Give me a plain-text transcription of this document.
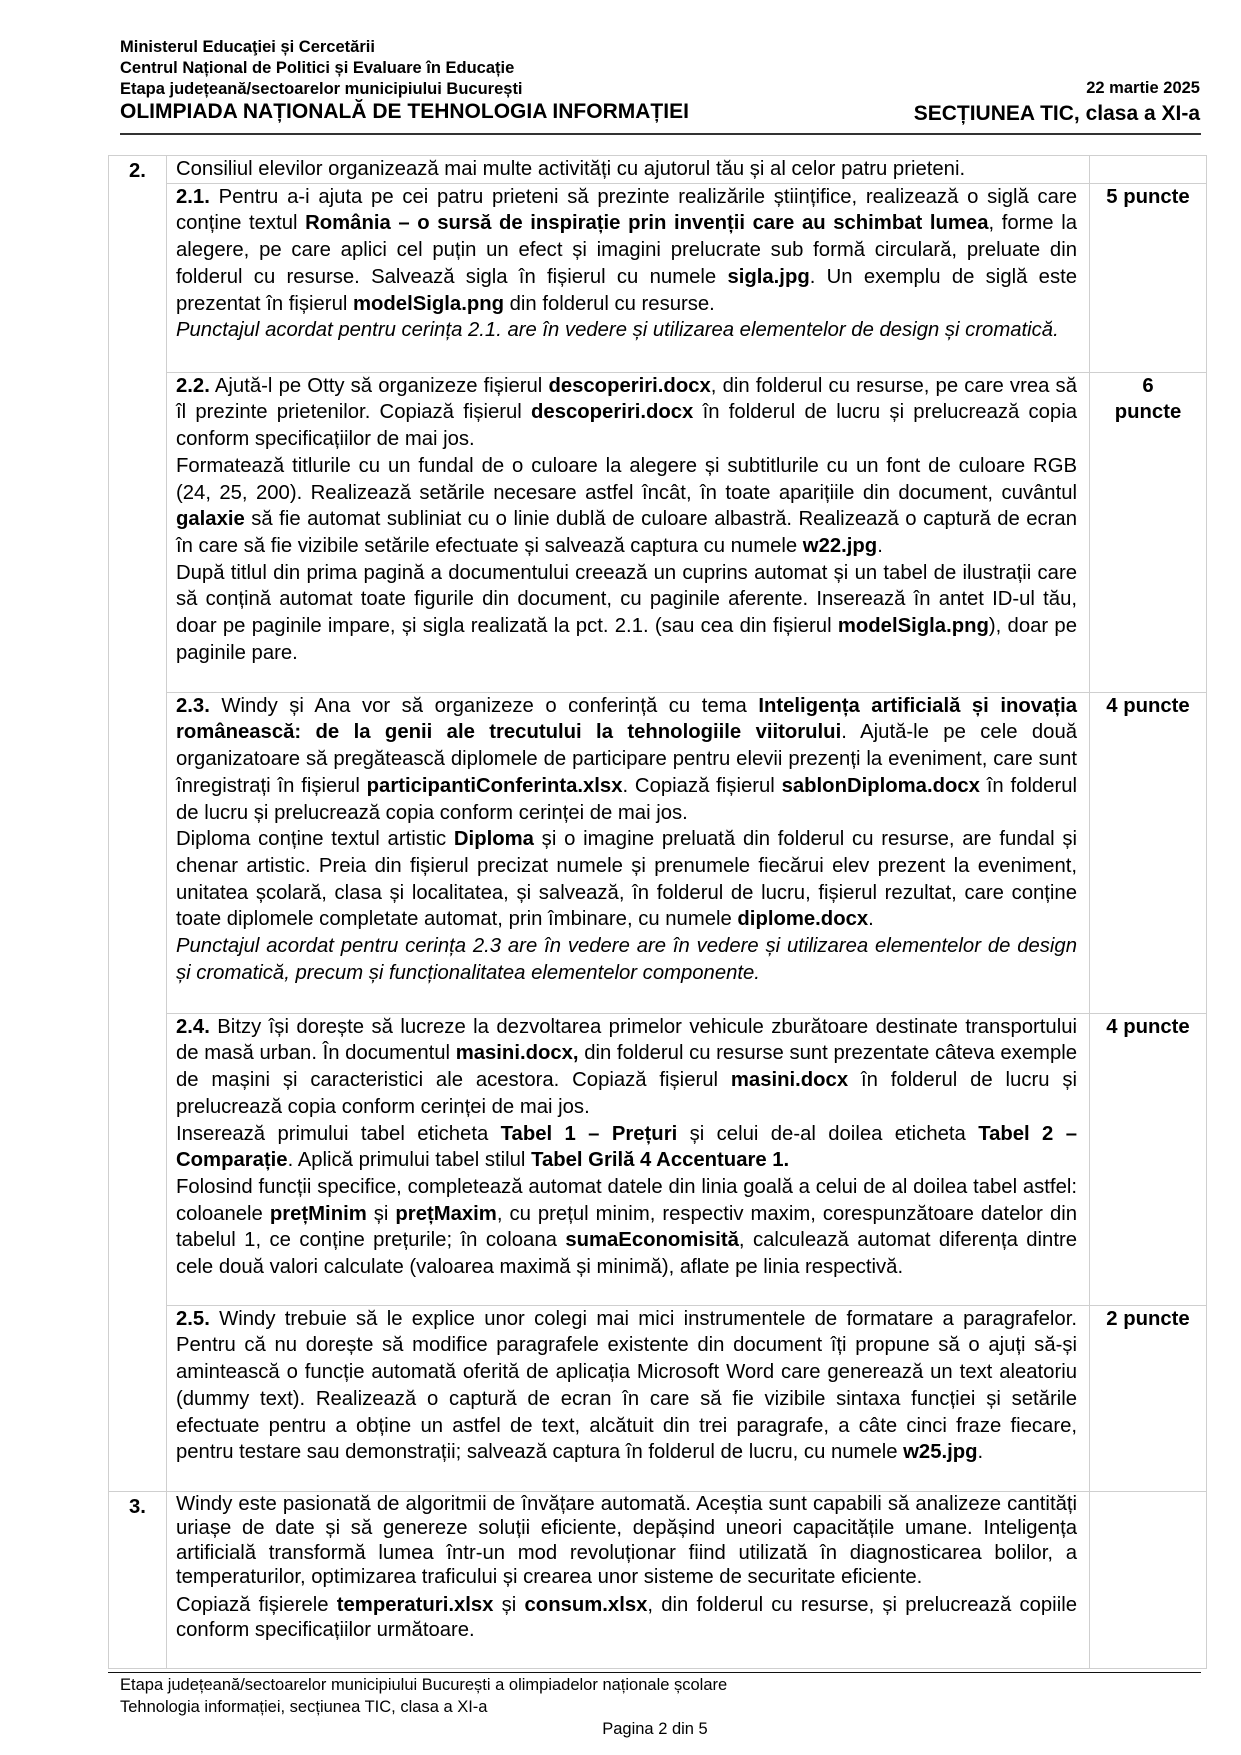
Ministerul Educaţiei și Cercetării
Centrul Național de Politici și Evaluare în Educație
Etapa județeană/sectoarelor municipiului București
OLIMPIADA NAȚIONALĂ DE TEHNOLOGIA INFORMAȚIEI
22 martie 2025
SECȚIUNEA TIC, clasa a XI-a
2.	Consiliul elevilor organizează mai multe activități cu ajutorul tău și al celor patru prieteni.	

	2.1. Pentru a-i ajuta pe cei patru prieteni să prezinte realizările științifice, realizează o siglă care conține textul România – o sursă de inspirație prin invenții care au schimbat lumea, forme la alegere, pe care aplici cel puțin un efect și imagini prelucrate sub formă circulară, preluate din folderul cu resurse. Salvează sigla în fișierul cu numele sigla.jpg. Un exemplu de siglă este prezentat în fișierul modelSigla.png din folderul cu resurse.
Punctajul acordat pentru cerința 2.1. are în vedere și utilizarea elementelor de design și cromatică.	5 puncte

	2.2. Ajută-l pe Otty să organizeze fișierul descoperiri.docx, din folderul cu resurse, pe care vrea să îl prezinte prietenilor. Copiază fișierul descoperiri.docx în folderul de lucru și prelucrează copia conform specificațiilor de mai jos.
Formatează titlurile cu un fundal de o culoare la alegere și subtitlurile cu un font de culoare RGB (24, 25, 200). Realizează setările necesare astfel încât, în toate aparițiile din document, cuvântul galaxie să fie automat subliniat cu o linie dublă de culoare albastră. Realizează o captură de ecran în care să fie vizibile setările efectuate și salvează captura cu numele w22.jpg.
După titlul din prima pagină a documentului creează un cuprins automat și un tabel de ilustrații care să conțină automat toate figurile din document, cu paginile aferente. Inserează în antet ID-ul tău, doar pe paginile impare, și sigla realizată la pct. 2.1. (sau cea din fișierul modelSigla.png), doar pe paginile pare.	6 puncte

	2.3. Windy și Ana vor să organizeze o conferință cu tema Inteligența artificială și inovația românească: de la genii ale trecutului la tehnologiile viitorului. Ajută-le pe cele două organizatoare să pregătească diplomele de participare pentru elevii prezenți la eveniment, care sunt înregistrați în fișierul participantiConferinta.xlsx. Copiază fișierul sablonDiploma.docx în folderul de lucru și prelucrează copia conform cerinței de mai jos.
Diploma conține textul artistic Diploma și o imagine preluată din folderul cu resurse, are fundal și chenar artistic. Preia din fișierul precizat numele și prenumele fiecărui elev prezent la eveniment, unitatea școlară, clasa și localitatea, și salvează, în folderul de lucru, fișierul rezultat, care conține toate diplomele completate automat, prin îmbinare, cu numele diplome.docx.
Punctajul acordat pentru cerința 2.3 are în vedere are în vedere și utilizarea elementelor de design și cromatică, precum și funcționalitatea elementelor componente.	4 puncte

	2.4. Bitzy își dorește să lucreze la dezvoltarea primelor vehicule zburătoare destinate transportului de masă urban. În documentul masini.docx, din folderul cu resurse sunt prezentate câteva exemple de mașini și caracteristici ale acestora. Copiază fișierul masini.docx în folderul de lucru și prelucrează copia conform cerinței de mai jos.
Inserează primului tabel eticheta Tabel 1 – Prețuri și celui de-al doilea eticheta Tabel 2 – Comparație. Aplică primului tabel stilul Tabel Grilă 4 Accentuare 1.
Folosind funcții specifice, completează automat datele din linia goală a celui de al doilea tabel astfel: coloanele prețMinim și prețMaxim, cu prețul minim, respectiv maxim, corespunzătoare datelor din tabelul 1, ce conține prețurile; în coloana sumaEconomisită, calculează automat diferența dintre cele două valori calculate (valoarea maximă și minimă), aflate pe linia respectivă.	4 puncte

	2.5. Windy trebuie să le explice unor colegi mai mici instrumentele de formatare a paragrafelor. Pentru că nu dorește să modifice paragrafele existente din document îți propune să o ajuți să-și amintească o funcție automată oferită de aplicația Microsoft Word care generează un text aleatoriu (dummy text). Realizează o captură de ecran în care să fie vizibile sintaxa funcției și setările efectuate pentru a obține un astfel de text, alcătuit din trei paragrafe, a câte cinci fraze fiecare, pentru testare sau demonstrații; salvează captura în folderul de lucru, cu numele w25.jpg.	2 puncte
3.	Windy este pasionată de algoritmii de învățare automată. Aceștia sunt capabili să analizeze cantități uriașe de date și să genereze soluții eficiente, depășind uneori capacitățile umane. Inteligența artificială transformă lumea într-un mod revoluționar fiind utilizată în diagnosticarea bolilor, a temperaturilor, optimizarea traficului și crearea unor sisteme de securitate eficiente.
Copiază fișierele temperaturi.xlsx și consum.xlsx, din folderul cu resurse, și prelucrează copiile conform specificațiilor următoare.	

Etapa județeană/sectoarelor municipiului București a olimpiadelor naționale școlare
Tehnologia informației, secțiunea TIC, clasa a XI-a
Pagina 2 din 5
